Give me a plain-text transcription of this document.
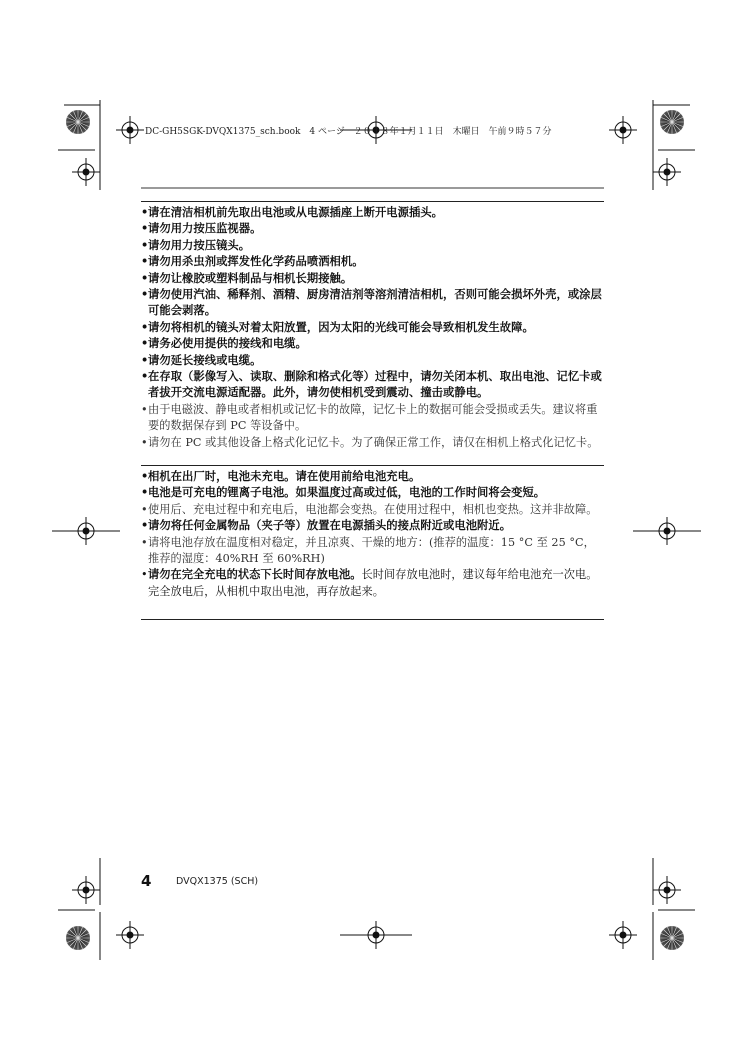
DC-GH5SGK-DVQX1375_sch.book 4 ページ ２０１８年１月１１日 木曜日 午前９時５７分
• 请在清洁相机前先取出电池或从电源插座上断开电源插头。
• 请勿用力按压监视器。
• 请勿用力按压镜头。
• 请勿用杀虫剂或挥发性化学药品喷洒相机。
• 请勿让橡胶或塑料制品与相机长期接触。
• 请勿使用汽油、稀释剂、酒精、厨房清洁剂等溶剂清洁相机，否则可能会损坏外壳，或涂层可能会剥落。
• 请勿将相机的镜头对着太阳放置，因为太阳的光线可能会导致相机发生故障。
• 请务必使用提供的接线和电缆。
• 请勿延长接线或电缆。
• 在存取（影像写入、读取、删除和格式化等）过程中，请勿关闭本机、取出电池、记忆卡或者拔开交流电源适配器。此外，请勿使相机受到震动、撞击或静电。
• 由于电磁波、静电或者相机或记忆卡的故障，记忆卡上的数据可能会受损或丢失。建议将重要的数据保存到 PC 等设备中。
• 请勿在 PC 或其他设备上格式化记忆卡。为了确保正常工作，请仅在相机上格式化记忆卡。
• 相机在出厂时，电池未充电。请在使用前给电池充电。
• 电池是可充电的锂离子电池。如果温度过高或过低，电池的工作时间将会变短。
• 使用后、充电过程中和充电后，电池都会变热。在使用过程中，相机也变热。这并非故障。
• 请勿将任何金属物品（夹子等）放置在电源插头的接点附近或电池附近。
• 请将电池存放在温度相对稳定，并且凉爽、干燥的地方：(推荐的温度：15 °C 至 25 °C，推荐的湿度：40%RH 至 60%RH)
• 请勿在完全充电的状态下长时间存放电池。长时间存放电池时，建议每年给电池充一次电。完全放电后，从相机中取出电池，再存放起来。
4	DVQX1375 (SCH)
